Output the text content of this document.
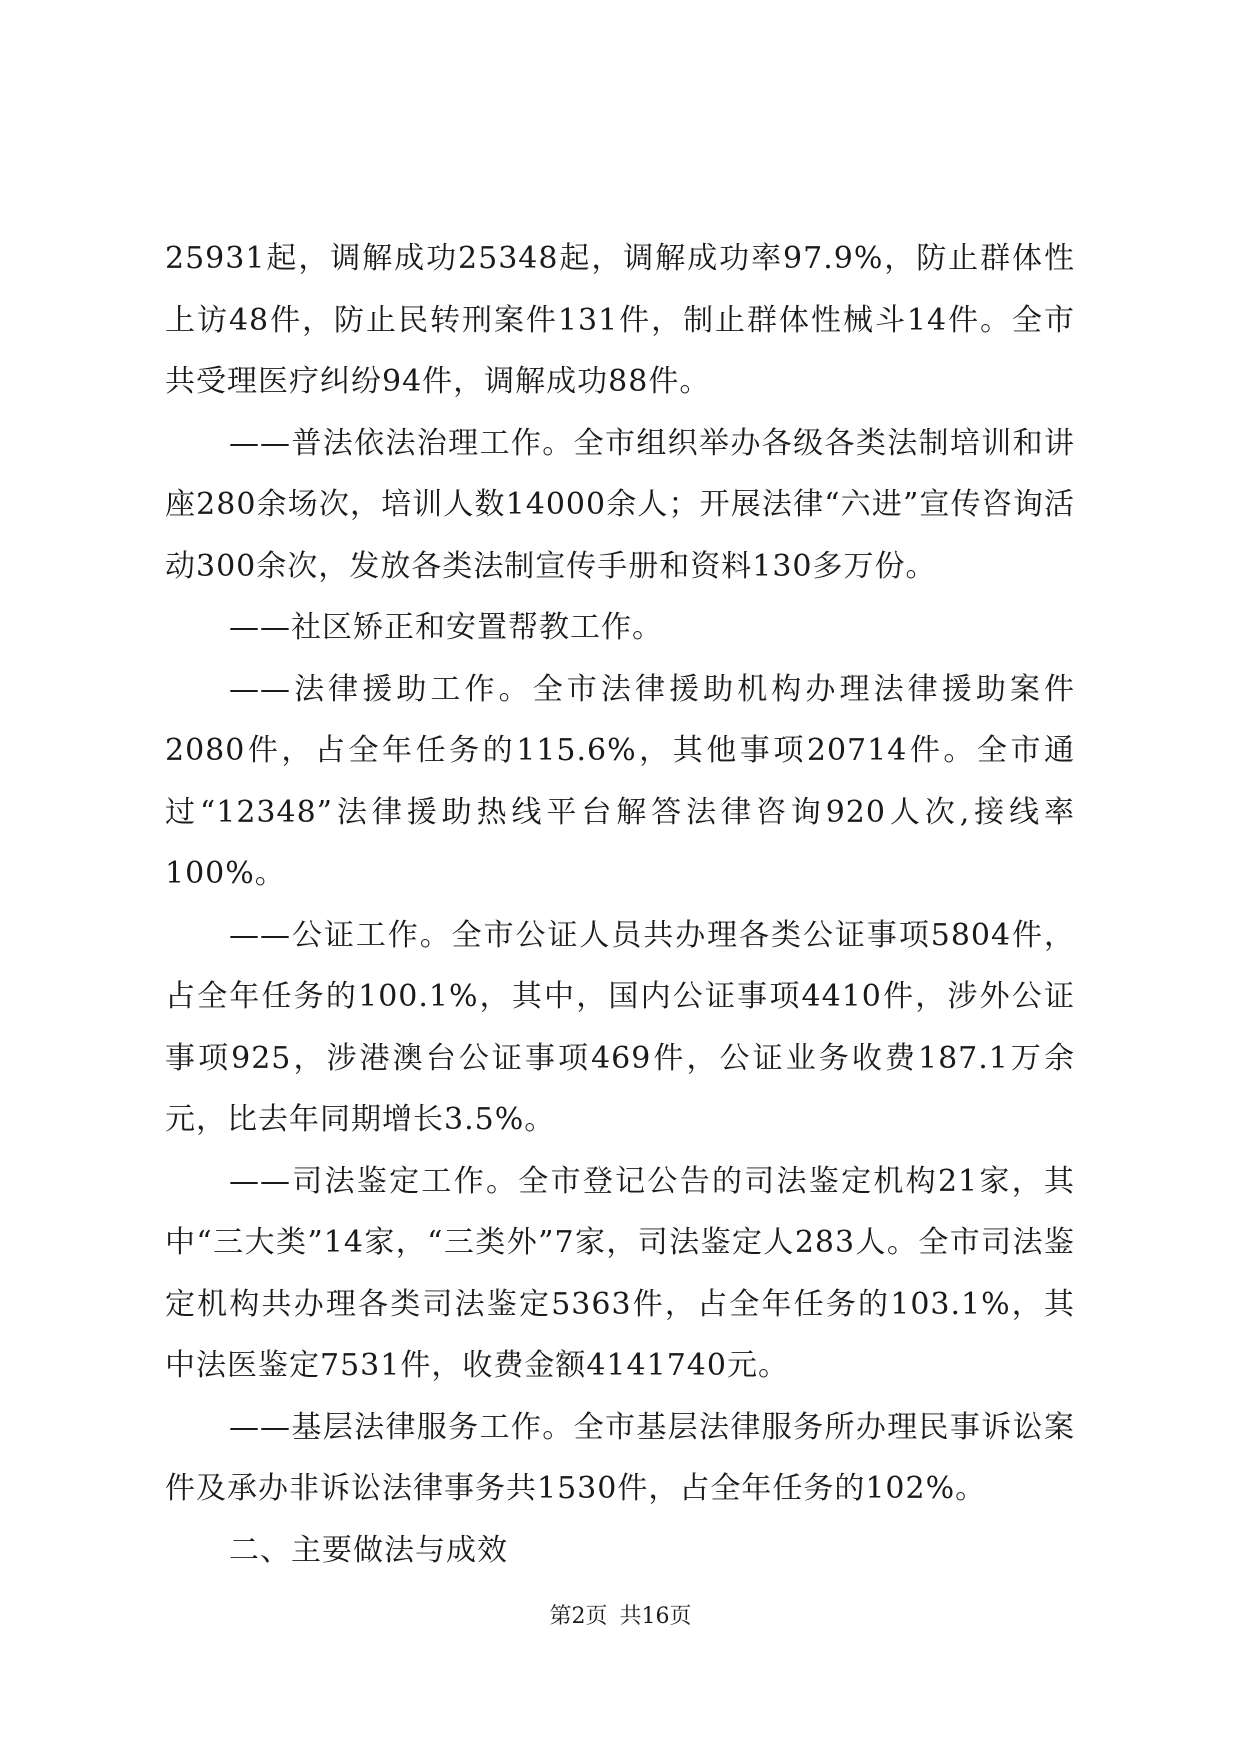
25931起，调解成功25348起，调解成功率97.9%，防止群体性上访48件，防止民转刑案件131件，制止群体性械斗14件。全市共受理医疗纠纷94件，调解成功88件。

——普法依法治理工作。全市组织举办各级各类法制培训和讲座280余场次，培训人数14000余人；开展法律“六进”宣传咨询活动300余次，发放各类法制宣传手册和资料130多万份。

——社区矫正和安置帮教工作。

——法律援助工作。全市法律援助机构办理法律援助案件2080件，占全年任务的115.6%，其他事项20714件。全市通过“12348”法律援助热线平台解答法律咨询920人次,接线率100%。

——公证工作。全市公证人员共办理各类公证事项5804件，占全年任务的100.1%，其中，国内公证事项4410件，涉外公证事项925，涉港澳台公证事项469件，公证业务收费187.1万余元，比去年同期增长3.5%。

——司法鉴定工作。全市登记公告的司法鉴定机构21家，其中“三大类”14家，“三类外”7家，司法鉴定人283人。全市司法鉴定机构共办理各类司法鉴定5363件，占全年任务的103.1%，其中法医鉴定7531件，收费金额4141740元。

——基层法律服务工作。全市基层法律服务所办理民事诉讼案件及承办非诉讼法律事务共1530件，占全年任务的102%。

二、主要做法与成效

第2页 共16页
